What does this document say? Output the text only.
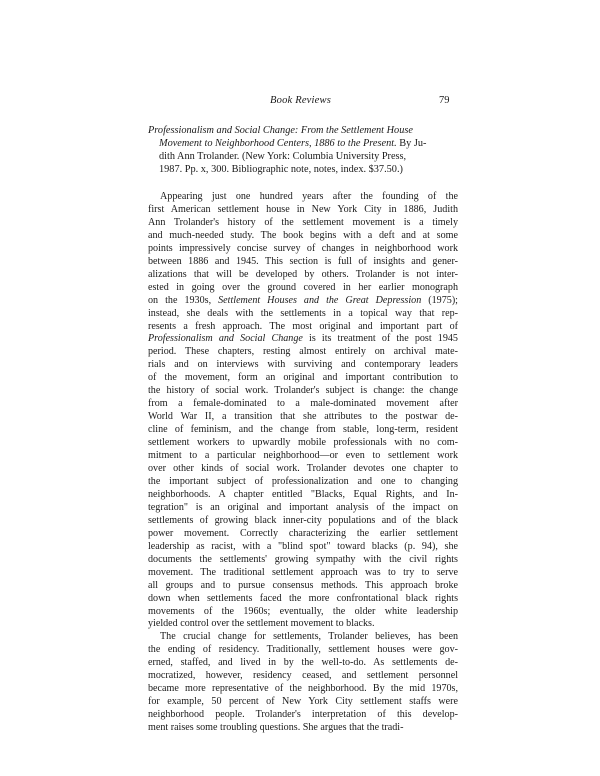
Book Reviews	79
Professionalism and Social Change: From the Settlement House
Movement to Neighborhood Centers, 1886 to the Present. By Ju-
dith Ann Trolander. (New York: Columbia University Press,
1987. Pp. x, 300. Bibliographic note, notes, index. $37.50.)
Appearing just one hundred years after the founding of the
first American settlement house in New York City in 1886, Judith
Ann Trolander's history of the settlement movement is a timely
and much-needed study. The book begins with a deft and at some
points impressively concise survey of changes in neighborhood work
between 1886 and 1945. This section is full of insights and gener-
alizations that will be developed by others. Trolander is not inter-
ested in going over the ground covered in her earlier monograph
on the 1930s, Settlement Houses and the Great Depression (1975);
instead, she deals with the settlements in a topical way that rep-
resents a fresh approach. The most original and important part of
Professionalism and Social Change is its treatment of the post 1945
period. These chapters, resting almost entirely on archival mate-
rials and on interviews with surviving and contemporary leaders
of the movement, form an original and important contribution to
the history of social work. Trolander's subject is change: the change
from a female-dominated to a male-dominated movement after
World War II, a transition that she attributes to the postwar de-
cline of feminism, and the change from stable, long-term, resident
settlement workers to upwardly mobile professionals with no com-
mitment to a particular neighborhood—or even to settlement work
over other kinds of social work. Trolander devotes one chapter to
the important subject of professionalization and one to changing
neighborhoods. A chapter entitled "Blacks, Equal Rights, and In-
tegration" is an original and important analysis of the impact on
settlements of growing black inner-city populations and of the black
power movement. Correctly characterizing the earlier settlement
leadership as racist, with a "blind spot" toward blacks (p. 94), she
documents the settlements' growing sympathy with the civil rights
movement. The traditional settlement approach was to try to serve
all groups and to pursue consensus methods. This approach broke
down when settlements faced the more confrontational black rights
movements of the 1960s; eventually, the older white leadership
yielded control over the settlement movement to blacks.
The crucial change for settlements, Trolander believes, has been
the ending of residency. Traditionally, settlement houses were gov-
erned, staffed, and lived in by the well-to-do. As settlements de-
mocratized, however, residency ceased, and settlement personnel
became more representative of the neighborhood. By the mid 1970s,
for example, 50 percent of New York City settlement staffs were
neighborhood people. Trolander's interpretation of this develop-
ment raises some troubling questions. She argues that the tradi-
